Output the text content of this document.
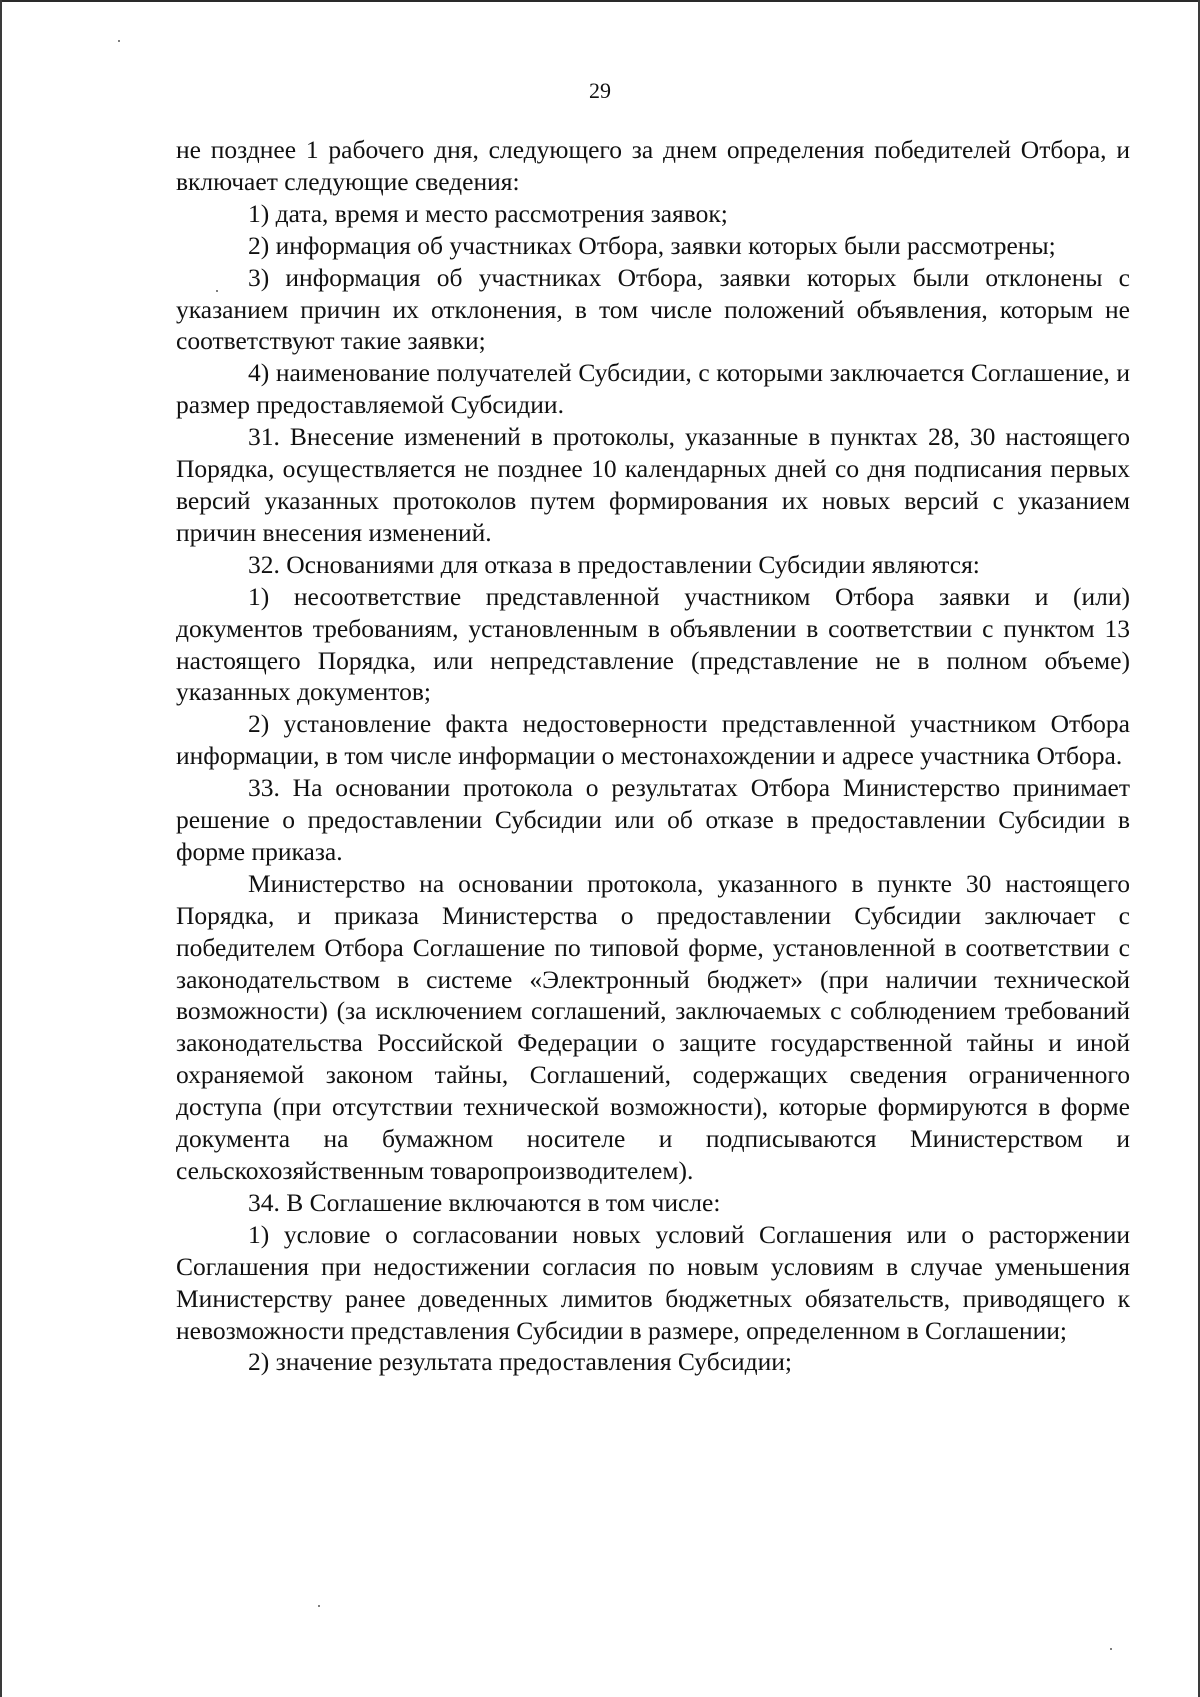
29

не позднее 1 рабочего дня, следующего за днем определения победителей Отбора, и включает следующие сведения:

1) дата, время и место рассмотрения заявок;

2) информация об участниках Отбора, заявки которых были рассмотрены;

3) информация об участниках Отбора, заявки которых были отклонены с указанием причин их отклонения, в том числе положений объявления, которым не соответствуют такие заявки;

4) наименование получателей Субсидии, с которыми заключается Соглашение, и размер предоставляемой Субсидии.

31. Внесение изменений в протоколы, указанные в пунктах 28, 30 настоящего Порядка, осуществляется не позднее 10 календарных дней со дня подписания первых версий указанных протоколов путем формирования их новых версий с указанием причин внесения изменений.

32. Основаниями для отказа в предоставлении Субсидии являются:

1) несоответствие представленной участником Отбора заявки и (или) документов требованиям, установленным в объявлении в соответствии с пунктом 13 настоящего Порядка, или непредставление (представление не в полном объеме) указанных документов;

2) установление факта недостоверности представленной участником Отбора информации, в том числе информации о местонахождении и адресе участника Отбора.

33. На основании протокола о результатах Отбора Министерство принимает решение о предоставлении Субсидии или об отказе в предоставлении Субсидии в форме приказа.

Министерство на основании протокола, указанного в пункте 30 настоящего Порядка, и приказа Министерства о предоставлении Субсидии заключает с победителем Отбора Соглашение по типовой форме, установленной в соответствии с законодательством в системе «Электронный бюджет» (при наличии технической возможности) (за исключением соглашений, заключаемых с соблюдением требований законодательства Российской Федерации о защите государственной тайны и иной охраняемой законом тайны, Соглашений, содержащих сведения ограниченного доступа (при отсутствии технической возможности), которые формируются в форме документа на бумажном носителе и подписываются Министерством и сельскохозяйственным товаропроизводителем).

34. В Соглашение включаются в том числе:

1) условие о согласовании новых условий Соглашения или о расторжении Соглашения при недостижении согласия по новым условиям в случае уменьшения Министерству ранее доведенных лимитов бюджетных обязательств, приводящего к невозможности представления Субсидии в размере, определенном в Соглашении;

2) значение результата предоставления Субсидии;
